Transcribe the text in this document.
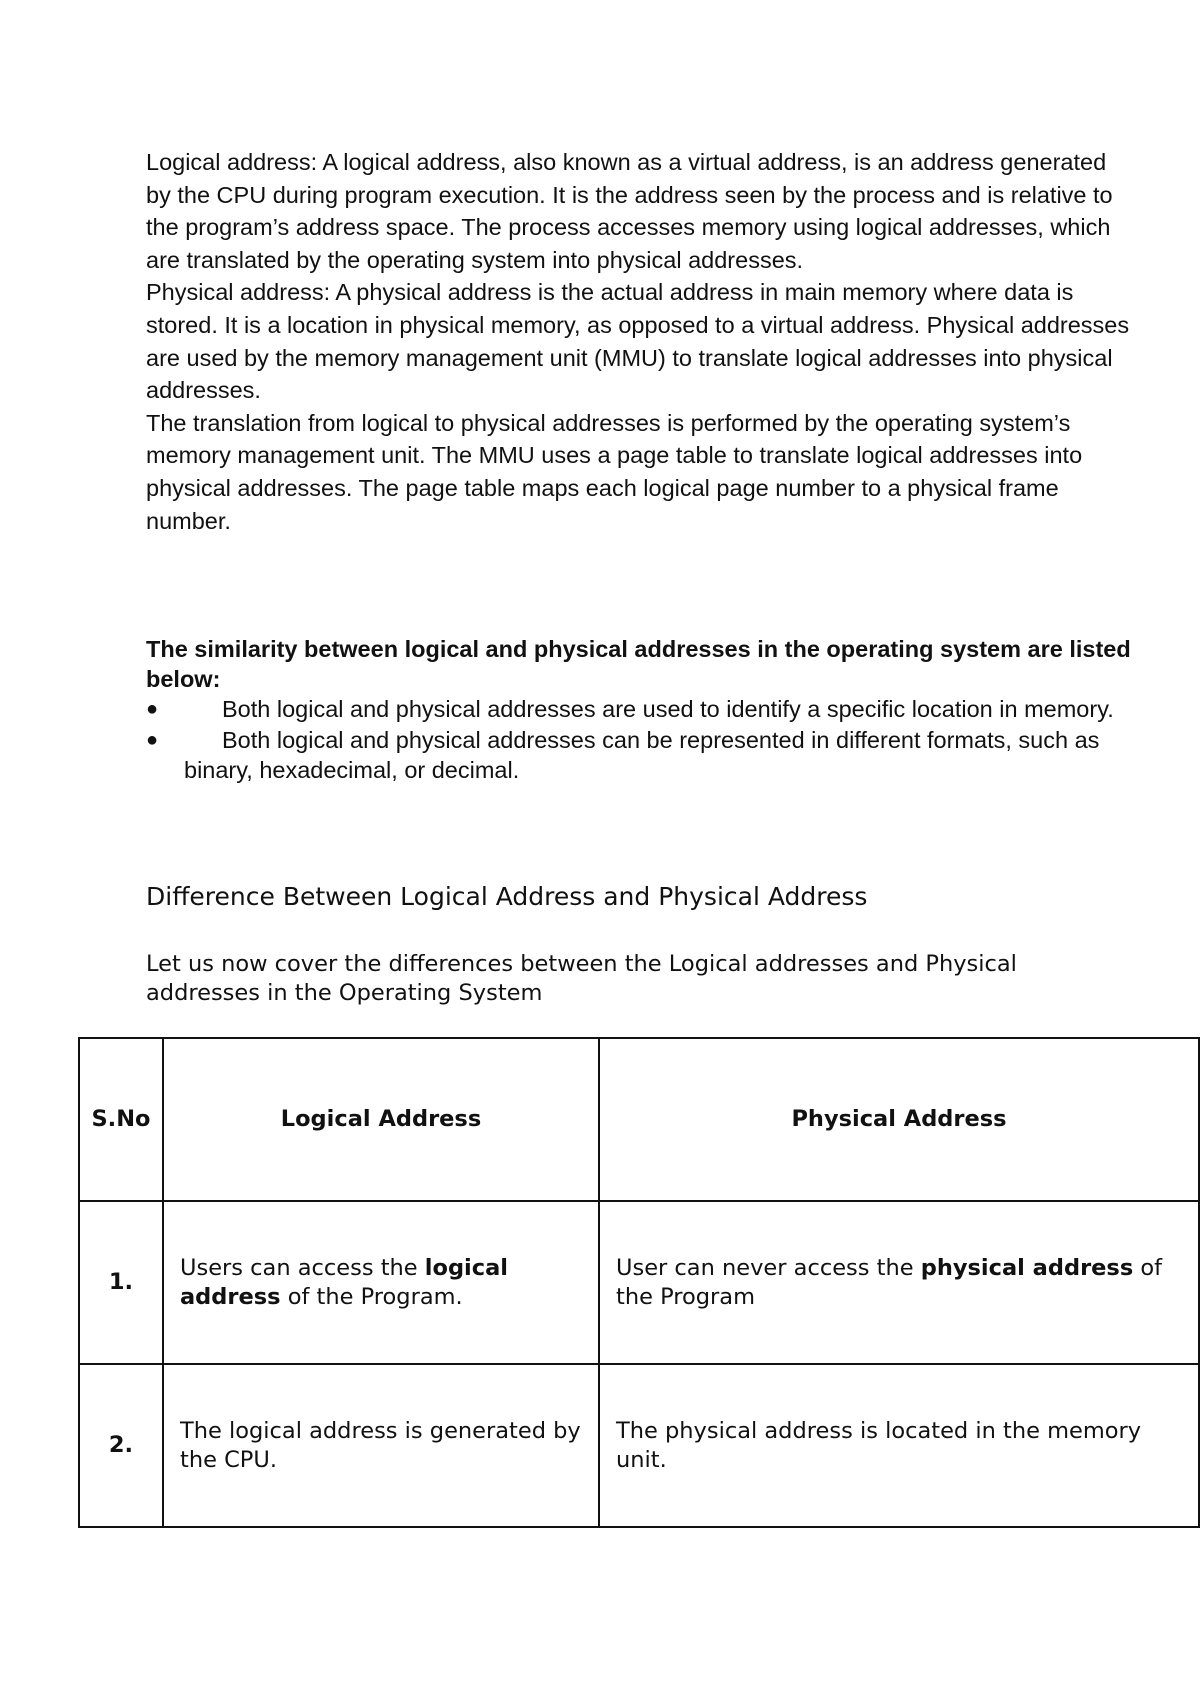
Logical address: A logical address, also known as a virtual address, is an address generated by the CPU during program execution. It is the address seen by the process and is relative to the program’s address space. The process accesses memory using logical addresses, which are translated by the operating system into physical addresses.

Physical address: A physical address is the actual address in main memory where data is stored. It is a location in physical memory, as opposed to a virtual address. Physical addresses are used by the memory management unit (MMU) to translate logical addresses into physical addresses.

The translation from logical to physical addresses is performed by the operating system’s memory management unit. The MMU uses a page table to translate logical addresses into physical addresses. The page table maps each logical page number to a physical frame number.

The similarity between logical and physical addresses in the operating system are listed below:

●	Both logical and physical addresses are used to identify a specific location in memory.
●	Both logical and physical addresses can be represented in different formats, such as binary, hexadecimal, or decimal.
Difference Between Logical Address and Physical Address

Let us now cover the differences between the Logical addresses and Physical addresses in the Operating System

S.No	Logical Address	Physical Address
1.	Users can access the logical address of the Program.	User can never access the physical address of the Program
2.	The logical address is generated by the CPU.	The physical address is located in the memory unit.
